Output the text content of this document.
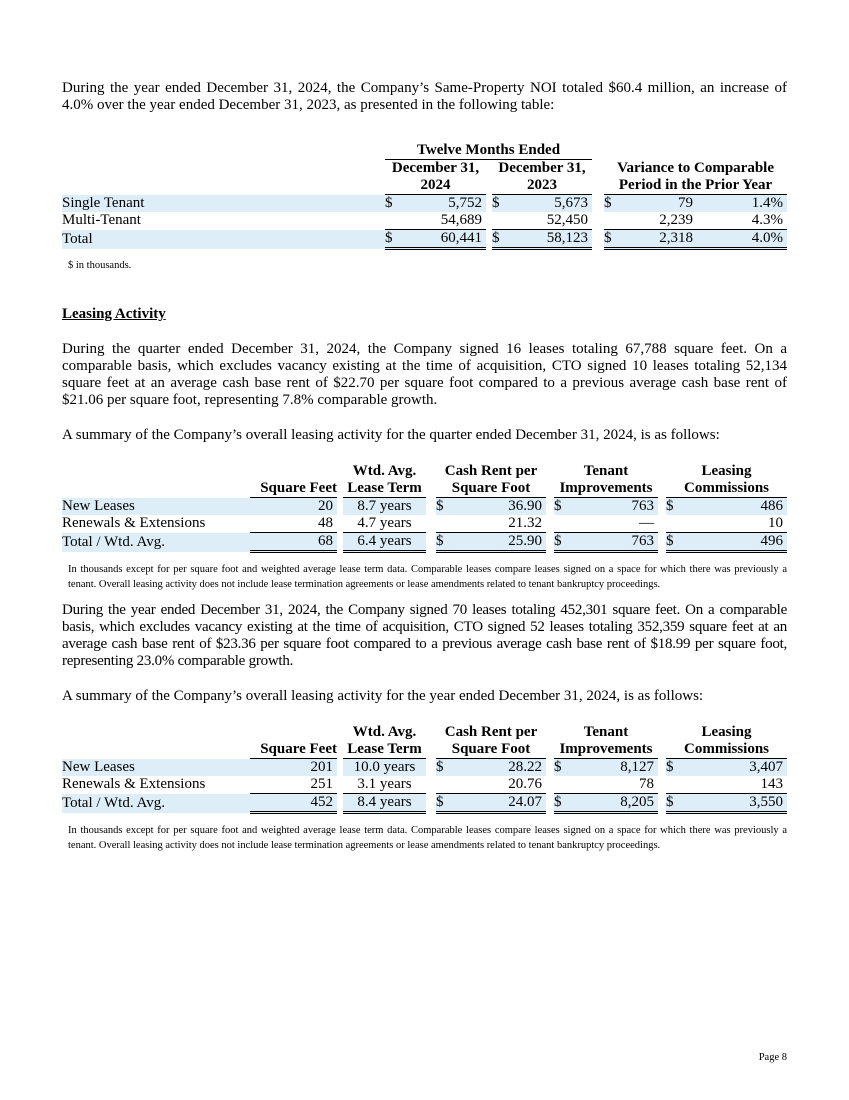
During the year ended December 31, 2024, the Company’s Same-Property NOI totaled $60.4 million, an increase of 4.0% over the year ended December 31, 2023, as presented in the following table:

	Twelve Months Ended								
	December 31,			December 31,			Variance to Comparable		
	2024			2023			Period in the Prior Year		
Single Tenant	$	5,752		$	5,673		$	79	1.4%
Multi-Tenant		54,689			52,450			2,239	4.3%
Total	$	60,441		$	58,123		$	2,318	4.0%

$ in thousands.

Leasing Activity

During the quarter ended December 31, 2024, the Company signed 16 leases totaling 67,788 square feet. On a comparable basis, which excludes vacancy existing at the time of acquisition, CTO signed 10 leases totaling 52,134 square feet at an average cash base rent of $22.70 per square foot compared to a previous average cash base rent of $21.06 per square foot, representing 7.8% comparable growth.

A summary of the Company’s overall leasing activity for the quarter ended December 31, 2024, is as follows:

			Wtd. Avg.		Cash Rent per			Tenant			Leasing	
	Square Feet		Lease Term		Square Foot			Improvements			Commissions	
New Leases	20		8.7 years		$	36.90		$	763		$	486
Renewals & Extensions	48		4.7 years			21.32			—			10
Total / Wtd. Avg.	68		6.4 years		$	25.90		$	763		$	496

In thousands except for per square foot and weighted average lease term data. Comparable leases compare leases signed on a space for which there was previously a tenant. Overall leasing activity does not include lease termination agreements or lease amendments related to tenant bankruptcy proceedings.

During the year ended December 31, 2024, the Company signed 70 leases totaling 452,301 square feet. On a comparable basis, which excludes vacancy existing at the time of acquisition, CTO signed 52 leases totaling 352,359 square feet at an average cash base rent of $23.36 per square foot compared to a previous average cash base rent of $18.99 per square foot, representing 23.0% comparable growth.

A summary of the Company’s overall leasing activity for the year ended December 31, 2024, is as follows:

			Wtd. Avg.		Cash Rent per			Tenant			Leasing	
	Square Feet		Lease Term		Square Foot			Improvements			Commissions	
New Leases	201		10.0 years		$	28.22		$	8,127		$	3,407
Renewals & Extensions	251		3.1 years			20.76			78			143
Total / Wtd. Avg.	452		8.4 years		$	24.07		$	8,205		$	3,550

In thousands except for per square foot and weighted average lease term data. Comparable leases compare leases signed on a space for which there was previously a tenant. Overall leasing activity does not include lease termination agreements or lease amendments related to tenant bankruptcy proceedings.

Page 8
